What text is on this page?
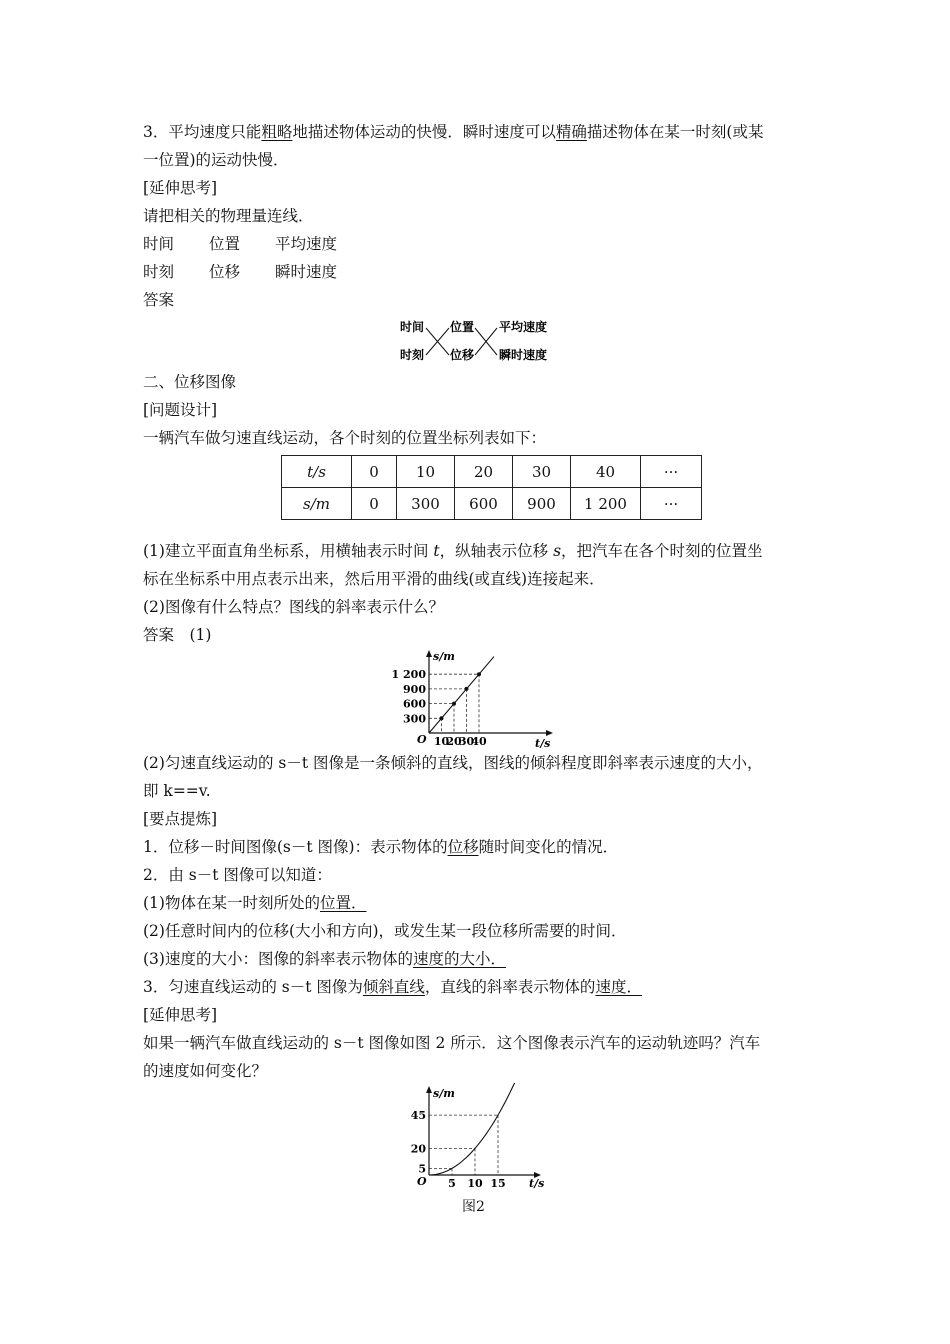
3．平均速度只能粗略地描述物体运动的快慢．瞬时速度可以精确描述物体在某一时刻(或某
一位置)的运动快慢．
[延伸思考]
请把相关的物理量连线．
时间 位置 平均速度
时刻 位移 瞬时速度
答案
时间
时刻
位置
位移
平均速度
瞬时速度
二、位移图像
[问题设计]
一辆汽车做匀速直线运动，各个时刻的位置坐标列表如下：
t/s	0	10	20	30	40	···
s/m	0	300	600	900	1 200	···
(1)建立平面直角坐标系，用横轴表示时间 t，纵轴表示位移 s，把汽车在各个时刻的位置坐
标在坐标系中用点表示出来，然后用平滑的曲线(或直线)连接起来．
(2)图像有什么特点？图线的斜率表示什么？
答案　(1)
10
20
30
40
300
600
900
1 200
s/m
t/s
O
(2)匀速直线运动的 s－t 图像是一条倾斜的直线，图线的倾斜程度即斜率表示速度的大小，
即 k==v.
[要点提炼]
1．位移－时间图像(s－t 图像)：表示物体的位移随时间变化的情况．
2．由 s－t 图像可以知道：
(1)物体在某一时刻所处的位置．
(2)任意时间内的位移(大小和方向)，或发生某一段位移所需要的时间．
(3)速度的大小：图像的斜率表示物体的速度的大小．
3．匀速直线运动的 s－t 图像为倾斜直线，直线的斜率表示物体的速度．
[延伸思考]
如果一辆汽车做直线运动的 s－t 图像如图 2 所示．这个图像表示汽车的运动轨迹吗？汽车
的速度如何变化？
5 10 15
5
20
45
s/m
t/s
O
图2
